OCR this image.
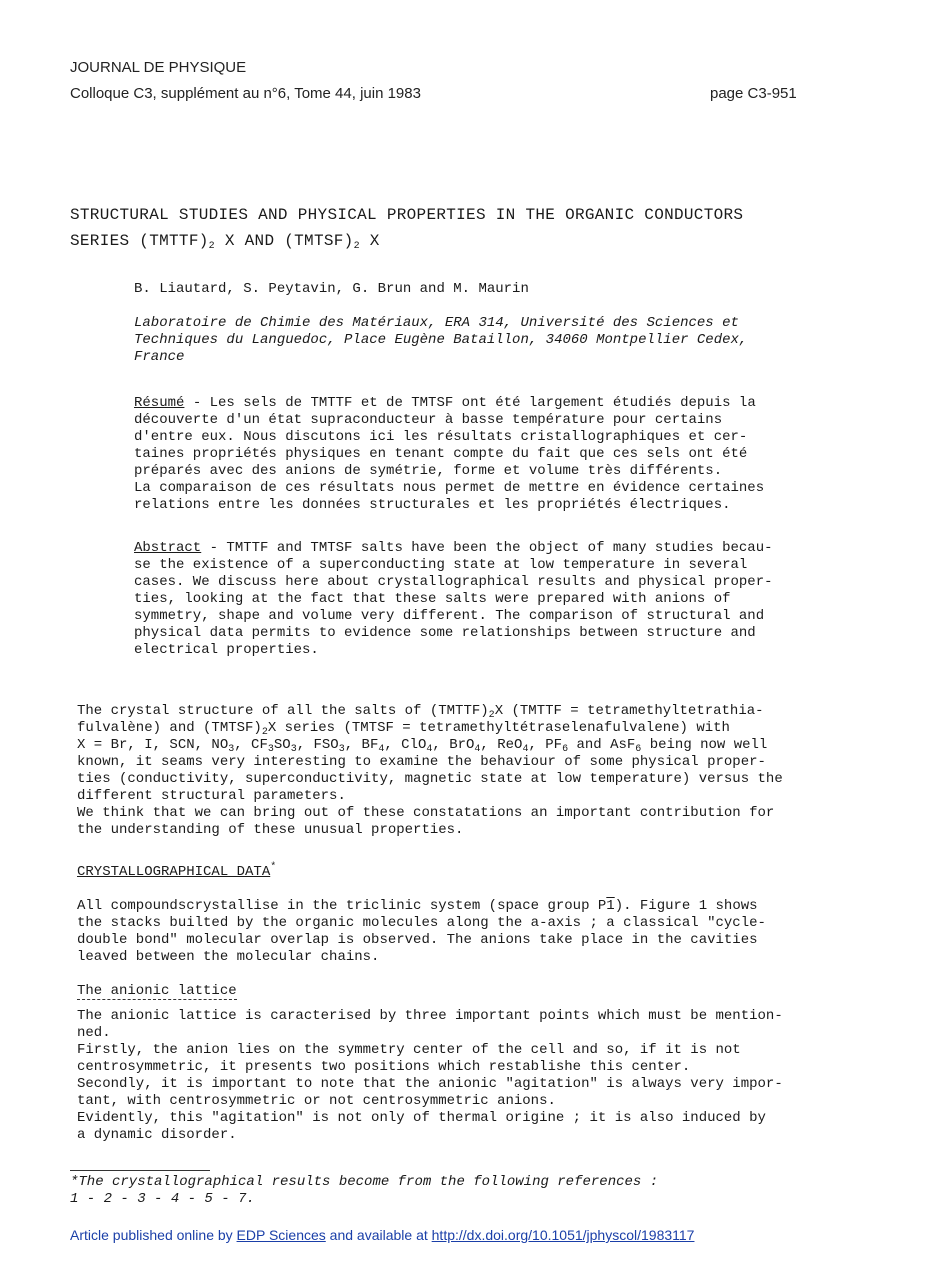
JOURNAL DE PHYSIQUE
Colloque C3, supplément au n°6, Tome 44, juin 1983	page C3-951
STRUCTURAL STUDIES AND PHYSICAL PROPERTIES IN THE ORGANIC CONDUCTORS
SERIES $(TMTTF)_2$ X AND $(TMTSF)_2$ X
B. Liautard, S. Peytavin, G. Brun and M. Maurin
Laboratoire de Chimie des Matériaux, ERA 314, Université des Sciences et
Techniques du Languedoc, Place Eugène Bataillon, 34060 Montpellier Cedex,
France
Résumé - Les sels de TMTTF et de TMTSF ont été largement étudiés depuis la
découverte d'un état supraconducteur à basse température pour certains
d'entre eux. Nous discutons ici les résultats cristallographiques et cer-
taines propriétés physiques en tenant compte du fait que ces sels ont été
préparés avec des anions de symétrie, forme et volume très différents.
La comparaison de ces résultats nous permet de mettre en évidence certaines
relations entre les données structurales et les propriétés électriques.
Abstract - TMTTF and TMTSF salts have been the object of many studies becau-
se the existence of a superconducting state at low temperature in several
cases. We discuss here about crystallographical results and physical proper-
ties, looking at the fact that these salts were prepared with anions of
symmetry, shape and volume very different. The comparison of structural and
physical data permits to evidence some relationships between structure and
electrical properties.
The crystal structure of all the salts of $(TMTTF)_2X$ (TMTTF = tetramethyltetrathia-
fulvalène) and $(TMTSF)_2X$ series (TMTSF = tetramethyltétraselenafulvalene) with
X = Br, I, SCN, $NO_3$, $CF_3SO_3$, $FSO_3$, $BF_4$, ClO$_4$, BrO$_4$, ReO$_4$, $PF_6$ and AsF$_6$ being now well
known, it seams very interesting to examine the behaviour of some physical proper-
ties (conductivity, superconductivity, magnetic state at low temperature) versus the
different structural parameters.
We think that we can bring out of these constatations an important contribution for
the understanding of these unusual properties.
CRYSTALLOGRAPHICAL DATA*
All compoundscrystallise in the triclinic system (space group P1). Figure 1 shows
the stacks builted by the organic molecules along the a-axis ; a classical "cycle-
double bond" molecular overlap is observed. The anions take place in the cavities
leaved between the molecular chains.
The anionic lattice
The anionic lattice is caracterised by three important points which must be mention-
ned.
Firstly, the anion lies on the symmetry center of the cell and so, if it is not
centrosymmetric, it presents two positions which restablishe this center.
Secondly, it is important to note that the anionic "agitation" is always very impor-
tant, with centrosymmetric or not centrosymmetric anions.
Evidently, this "agitation" is not only of thermal origine ; it is also induced by
a dynamic disorder.
*The crystallographical results become from the following references :
1 - 2 - 3 - 4 - 5 - 7.
Article published online by EDP Sciences and available at http://dx.doi.org/10.1051/jphyscol/1983117
